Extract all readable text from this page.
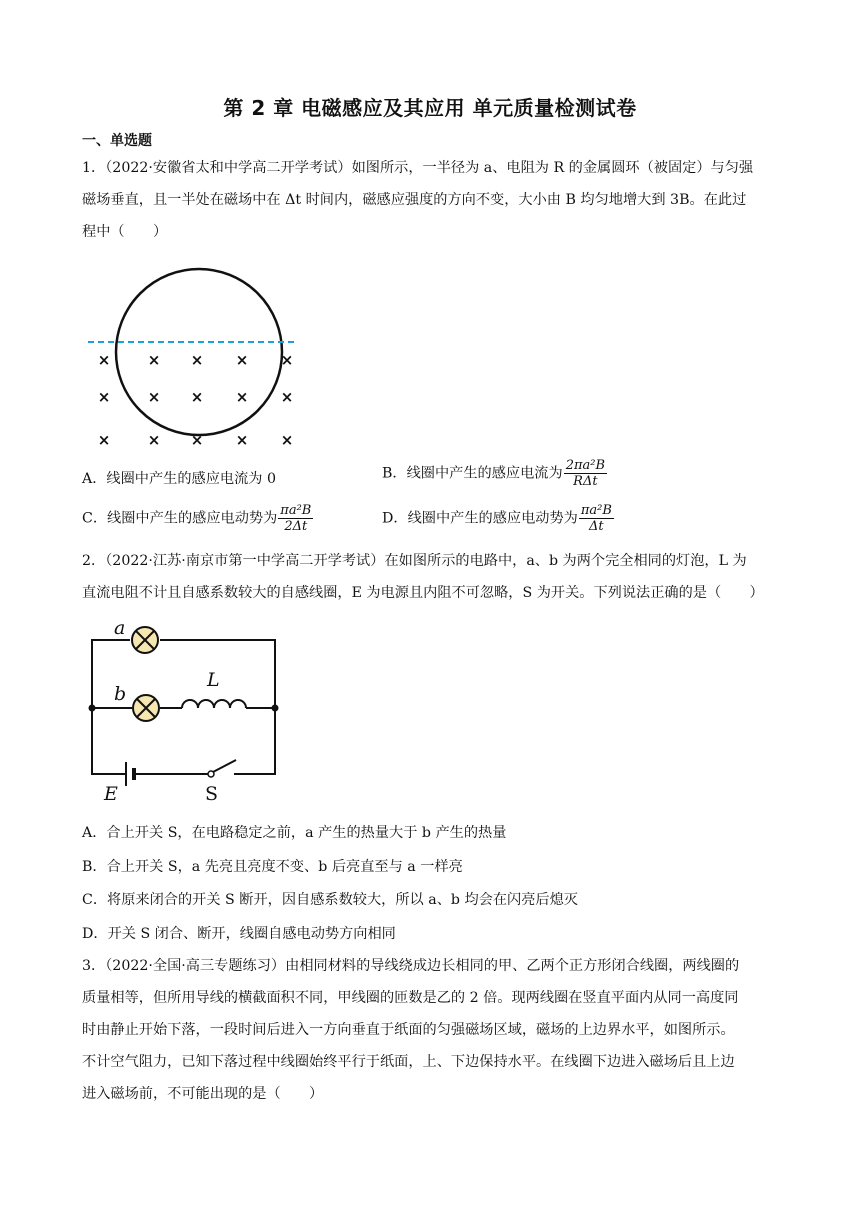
第 2 章 电磁感应及其应用 单元质量检测试卷
一、单选题
1．（2022·安徽省太和中学高二开学考试）如图所示，一半径为 a、电阻为 R 的金属圆环（被固定）与匀强
磁场垂直，且一半处在磁场中在 Δt 时间内，磁感应强度的方向不变，大小由 B 均匀地增大到 3B。在此过
程中（　　）
× × × × ×
× × × × ×
× × × × ×
A．线圈中产生的感应电流为 0	B．线圈中产生的感应电流为 $\frac{\text{2πa²B}}{\text{RΔt}}$
C．线圈中产生的感应电动势为 $\frac{\text{πa²B}}{2\Delta t}$	D．线圈中产生的感应电动势为 $\frac{\text{πa²B}}{\Delta t}$
2．（2022·江苏·南京市第一中学高二开学考试）在如图所示的电路中，a、b 为两个完全相同的灯泡，L 为
直流电阻不计且自感系数较大的自感线圈，E 为电源且内阻不可忽略，S 为开关。下列说法正确的是（　　）
a
b
L
E	S
A．合上开关 S，在电路稳定之前，a 产生的热量大于 b 产生的热量
B．合上开关 S，a 先亮且亮度不变、b 后亮直至与 a 一样亮
C．将原来闭合的开关 S 断开，因自感系数较大，所以 a、b 均会在闪亮后熄灭
D．开关 S 闭合、断开，线圈自感电动势方向相同
3．（2022·全国·高三专题练习）由相同材料的导线绕成边长相同的甲、乙两个正方形闭合线圈，两线圈的
质量相等，但所用导线的横截面积不同，甲线圈的匝数是乙的 2 倍。现两线圈在竖直平面内从同一高度同
时由静止开始下落，一段时间后进入一方向垂直于纸面的匀强磁场区域，磁场的上边界水平，如图所示。
不计空气阻力，已知下落过程中线圈始终平行于纸面，上、下边保持水平。在线圈下边进入磁场后且上边
进入磁场前，不可能出现的是（　　）
